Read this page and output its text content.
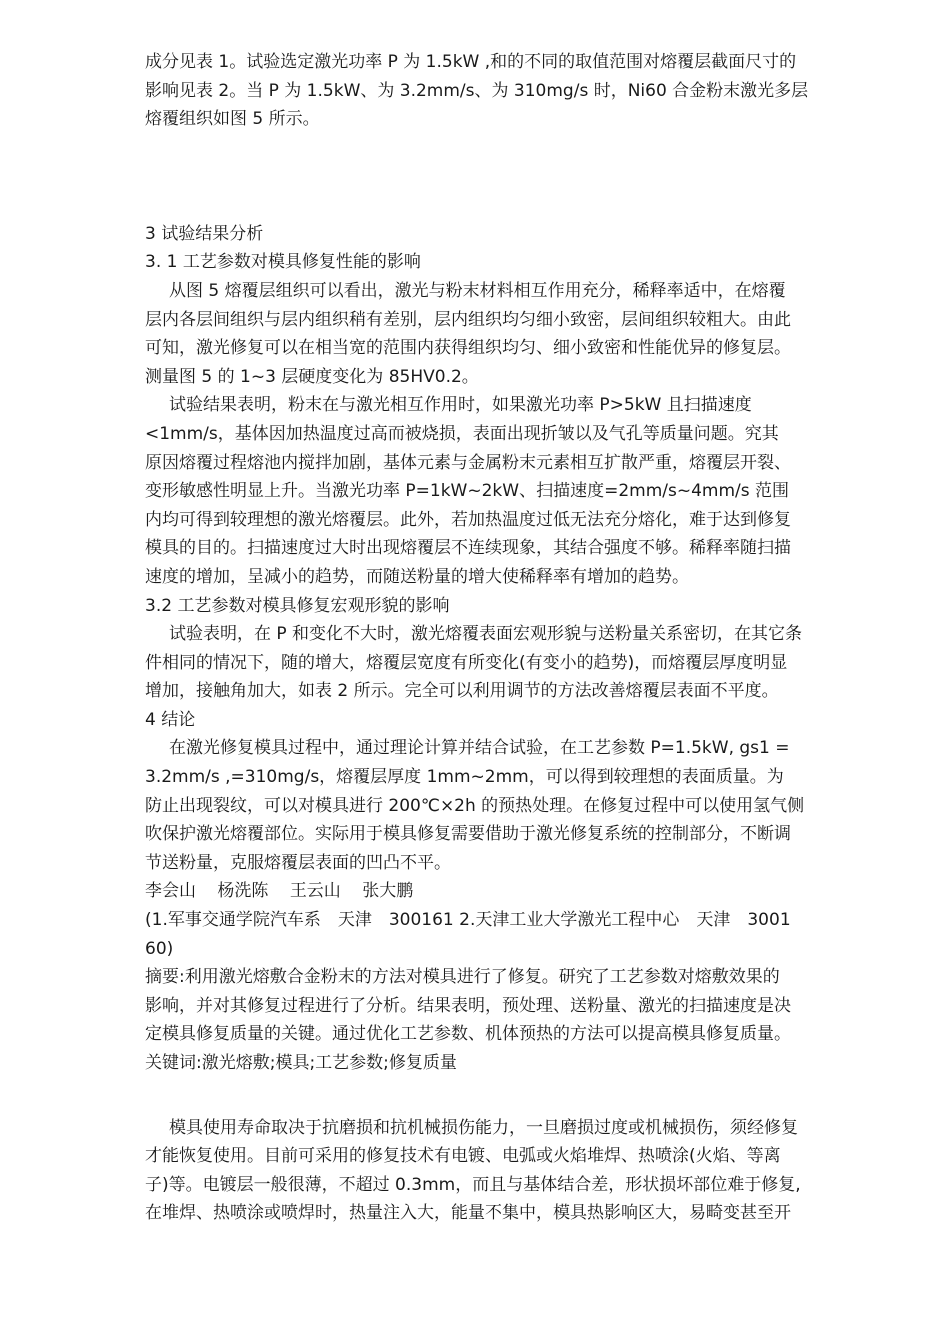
成分见表 1。试验选定激光功率 P 为 1.5kW ,和的不同的取值范围对熔覆层截面尺寸的
影响见表 2。当 P 为 1.5kW、为 3.2mm/s、为 310mg/s 时，Ni60 合金粉末激光多层
熔覆组织如图 5 所示。
3 试验结果分析
3. 1 工艺参数对模具修复性能的影响
从图 5 熔覆层组织可以看出，激光与粉末材料相互作用充分，稀释率适中，在熔覆
层内各层间组织与层内组织稍有差别，层内组织均匀细小致密，层间组织较粗大。由此
可知，激光修复可以在相当宽的范围内获得组织均匀、细小致密和性能优异的修复层。
测量图 5 的 1~3 层硬度变化为 85HV0.2。
试验结果表明，粉末在与激光相互作用时，如果激光功率 P>5kW 且扫描速度
<1mm/s，基体因加热温度过高而被烧损，表面出现折皱以及气孔等质量问题。究其
原因熔覆过程熔池内搅拌加剧，基体元素与金属粉末元素相互扩散严重，熔覆层开裂、
变形敏感性明显上升。当激光功率 P=1kW~2kW、扫描速度=2mm/s~4mm/s 范围
内均可得到较理想的激光熔覆层。此外，若加热温度过低无法充分熔化，难于达到修复
模具的目的。扫描速度过大时出现熔覆层不连续现象，其结合强度不够。稀释率随扫描
速度的增加，呈减小的趋势，而随送粉量的增大使稀释率有增加的趋势。
3.2 工艺参数对模具修复宏观形貌的影响
试验表明，在 P 和变化不大时，激光熔覆表面宏观形貌与送粉量关系密切，在其它条
件相同的情况下，随的增大，熔覆层宽度有所变化(有变小的趋势)，而熔覆层厚度明显
增加，接触角加大，如表 2 所示。完全可以利用调节的方法改善熔覆层表面不平度。
4 结论
在激光修复模具过程中，通过理论计算并结合试验，在工艺参数 P=1.5kW, gs1 =
3.2mm/s ,=310mg/s，熔覆层厚度 1mm~2mm，可以得到较理想的表面质量。为
防止出现裂纹，可以对模具进行 200℃×2h 的预热处理。在修复过程中可以使用氢气侧
吹保护激光熔覆部位。实际用于模具修复需要借助于激光修复系统的控制部分，不断调
节送粉量，克服熔覆层表面的凹凸不平。
李会山 杨洗陈 王云山 张大鹏
(1.军事交通学院汽车系　天津　300161 2.天津工业大学激光工程中心　天津　3001
60)
摘要:利用激光熔敷合金粉末的方法对模具进行了修复。研究了工艺参数对熔敷效果的
影响，并对其修复过程进行了分析。结果表明，预处理、送粉量、激光的扫描速度是决
定模具修复质量的关键。通过优化工艺参数、机体预热的方法可以提高模具修复质量。
关键词:激光熔敷;模具;工艺参数;修复质量
模具使用寿命取决于抗磨损和抗机械损伤能力，一旦磨损过度或机械损伤，须经修复
才能恢复使用。目前可采用的修复技术有电镀、电弧或火焰堆焊、热喷涂(火焰、等离
子)等。电镀层一般很薄，不超过 0.3mm，而且与基体结合差，形状损坏部位难于修复,
在堆焊、热喷涂或喷焊时，热量注入大，能量不集中，模具热影响区大，易畸变甚至开
